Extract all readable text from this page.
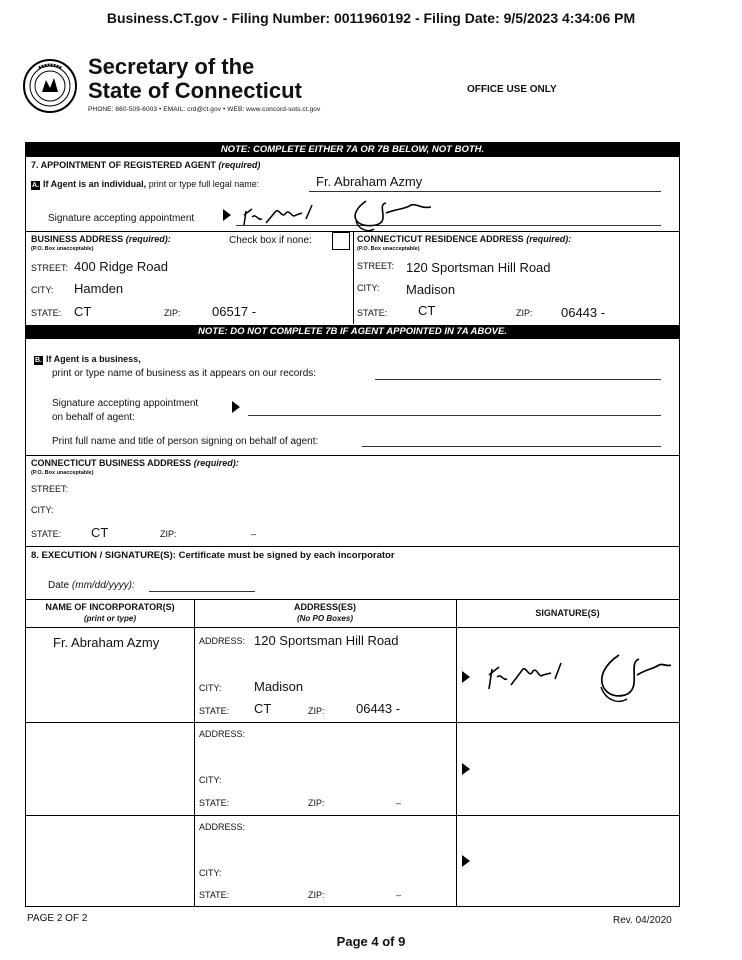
Business.CT.gov - Filing Number: 0011960192 - Filing Date: 9/5/2023 4:34:06 PM
Secretary of the
State of Connecticut
PHONE: 860-509-6003 • EMAIL: crd@ct.gov • WEB: www.concord-sots.ct.gov
OFFICE USE ONLY
NOTE: COMPLETE EITHER 7A OR 7B BELOW, NOT BOTH.
7. APPOINTMENT OF REGISTERED AGENT (required)
A. If Agent is an individual, print or type full legal name:	Fr. Abraham Azmy
Signature accepting appointment
BUSINESS ADDRESS (required):
(P.O. Box unacceptable)
Check box if none:	CONNECTICUT RESIDENCE ADDRESS (required):
(P.O. Box unacceptable)
STREET: 400 Ridge Road
CITY: Hamden
STATE: CT	ZIP: 06517 -
STREET: 120 Sportsman Hill Road
CITY: Madison
STATE: CT	ZIP: 06443 -
NOTE: DO NOT COMPLETE 7B IF AGENT APPOINTED IN 7A ABOVE.
B. If Agent is a business,
print or type name of business as it appears on our records:
Signature accepting appointment
on behalf of agent:
Print full name and title of person signing on behalf of agent:
CONNECTICUT BUSINESS ADDRESS (required):
(P.O. Box unacceptable)
STREET:
CITY:
STATE: CT	ZIP:	–
8. EXECUTION / SIGNATURE(S): Certificate must be signed by each incorporator
Date (mm/dd/yyyy):
NAME OF INCORPORATOR(S)
(print or type)
ADDRESS(ES)
(No PO Boxes)
SIGNATURE(S)
Fr. Abraham Azmy	ADDRESS: 120 Sportsman Hill Road
CITY: Madison
STATE: CT	ZIP: 06443 -
ADDRESS:
CITY:
STATE:	ZIP:	–
ADDRESS:
CITY:
STATE:	ZIP:	–
PAGE 2 OF 2	Rev. 04/2020
Page 4 of 9
